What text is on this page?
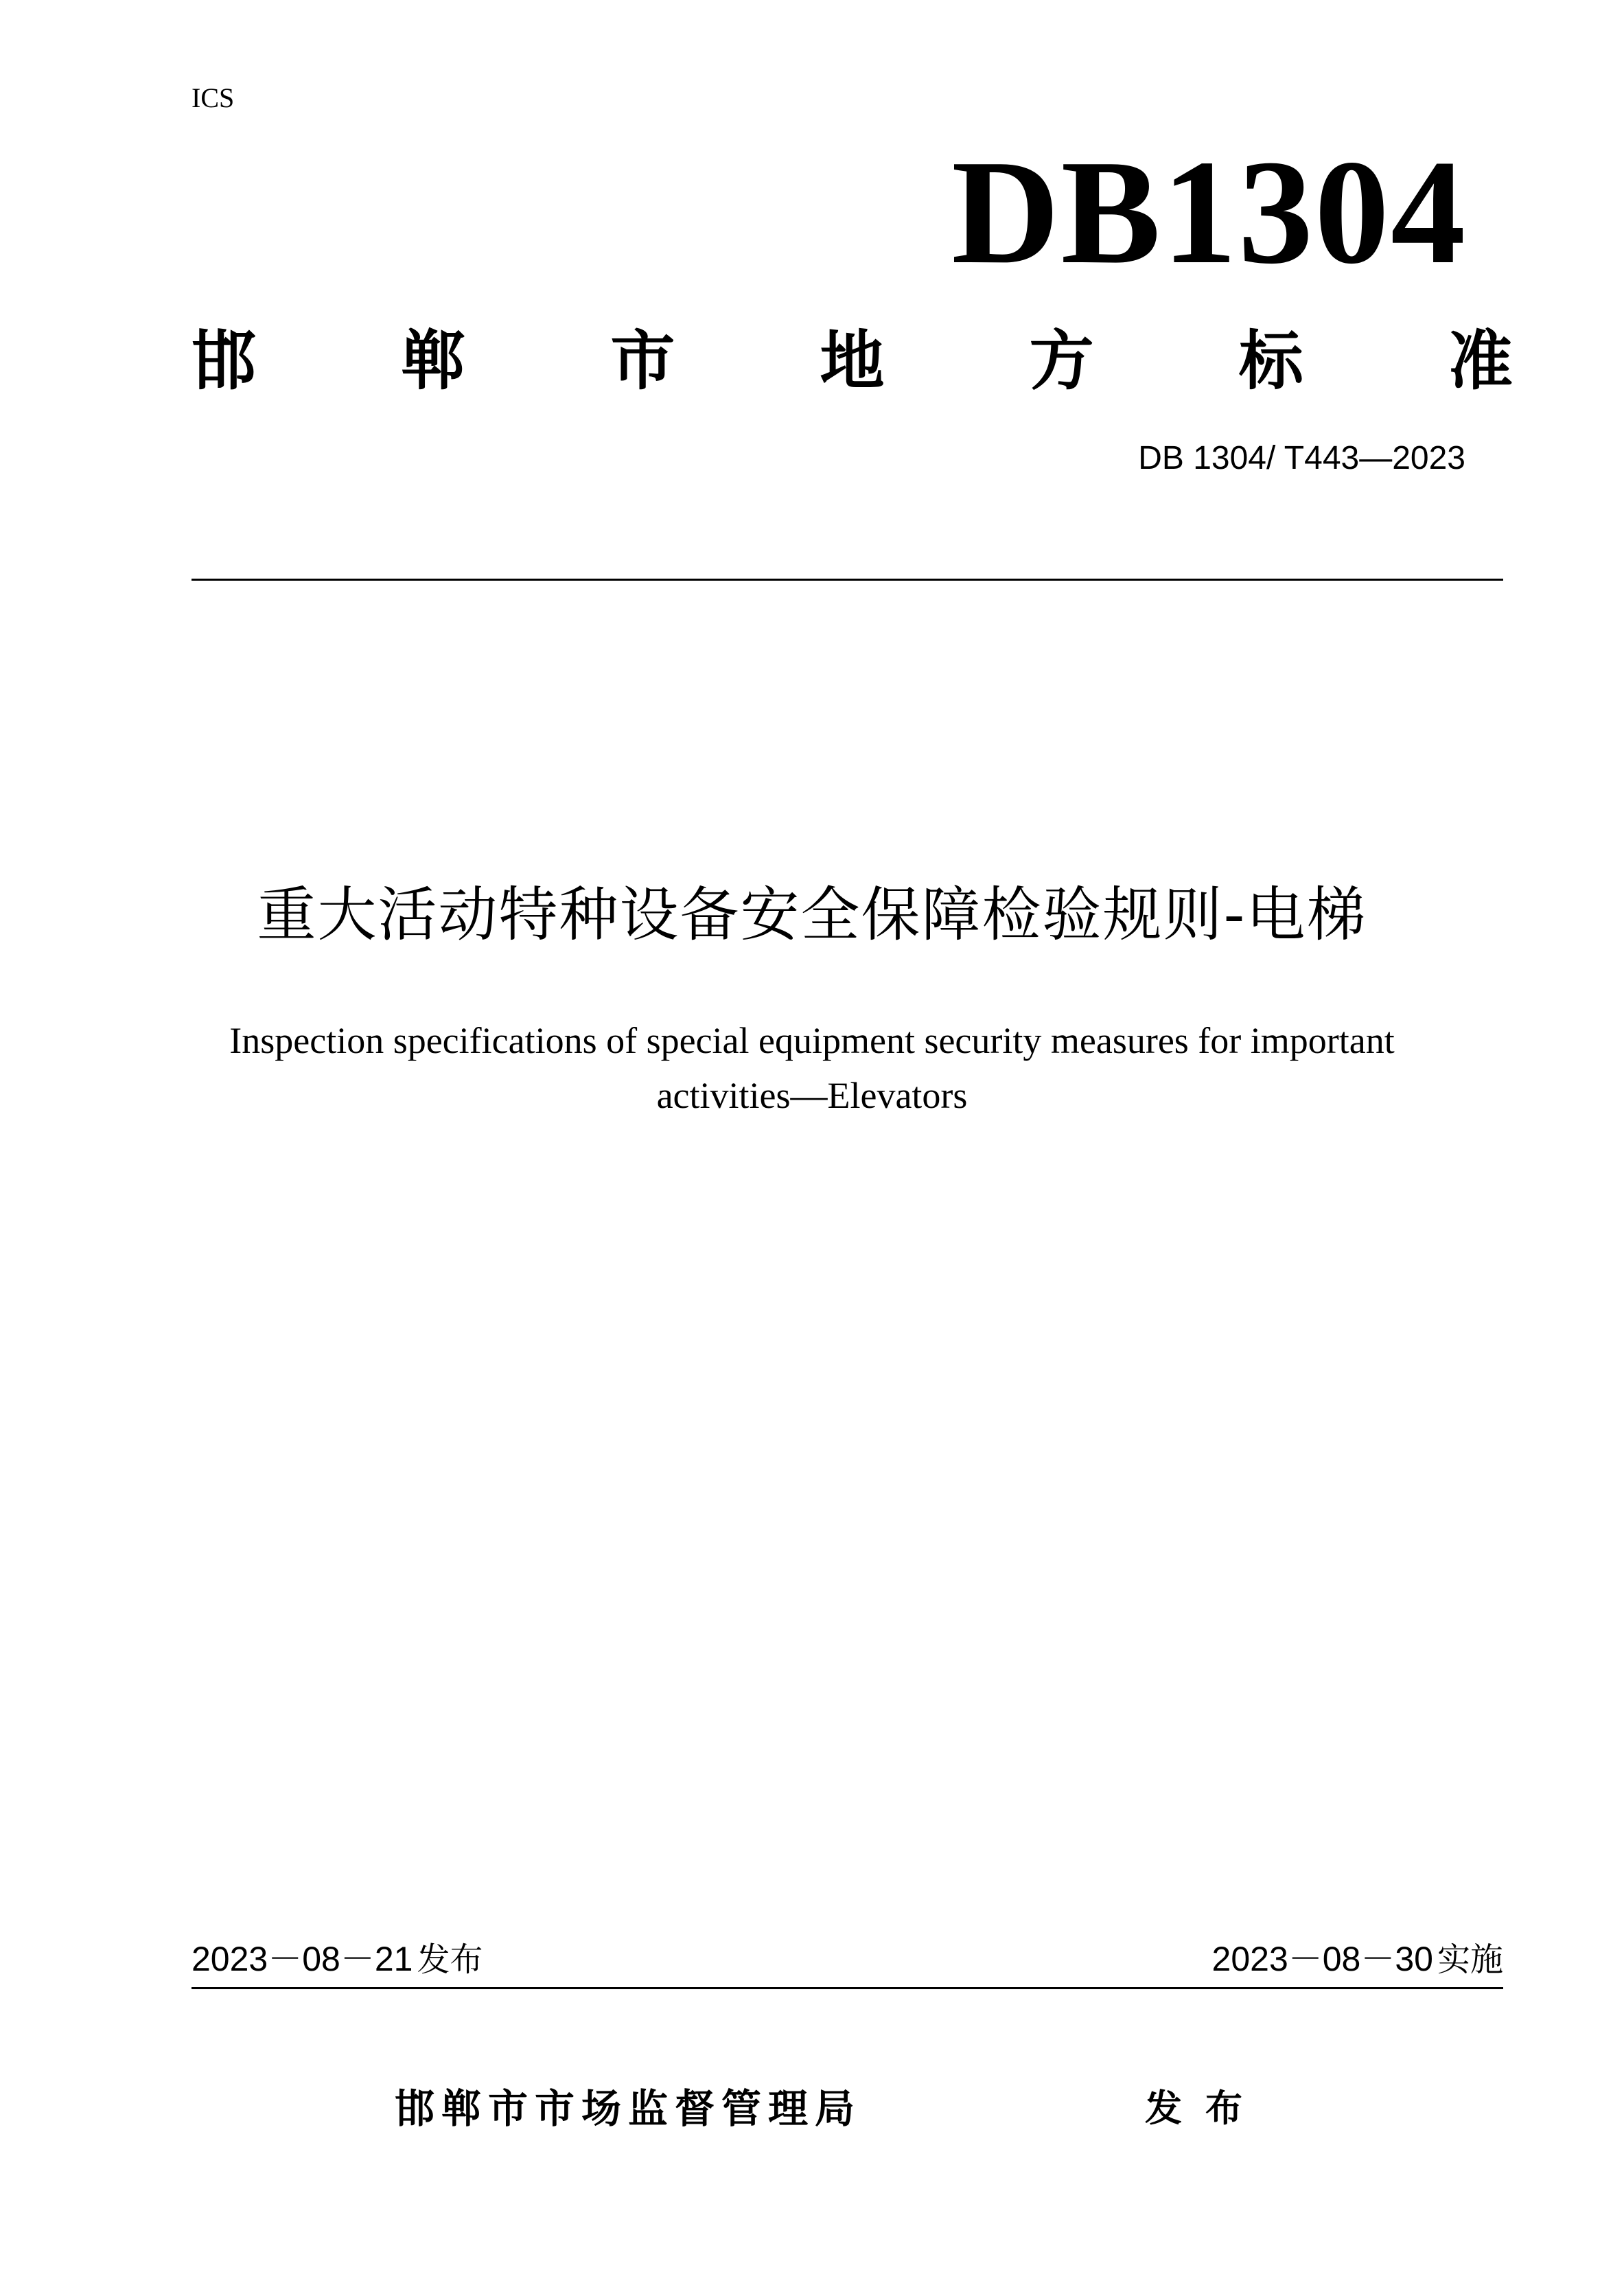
ICS
DB1304
邯 郸 市 地 方 标 准
DB 1304/ T443—2023
重大活动特种设备安全保障检验规则-电梯
Inspection specifications of special equipment security measures for important
activities—Elevators
2023－08－21 发布	2023－08－30 实施
邯郸市市场监督管理局	发布
